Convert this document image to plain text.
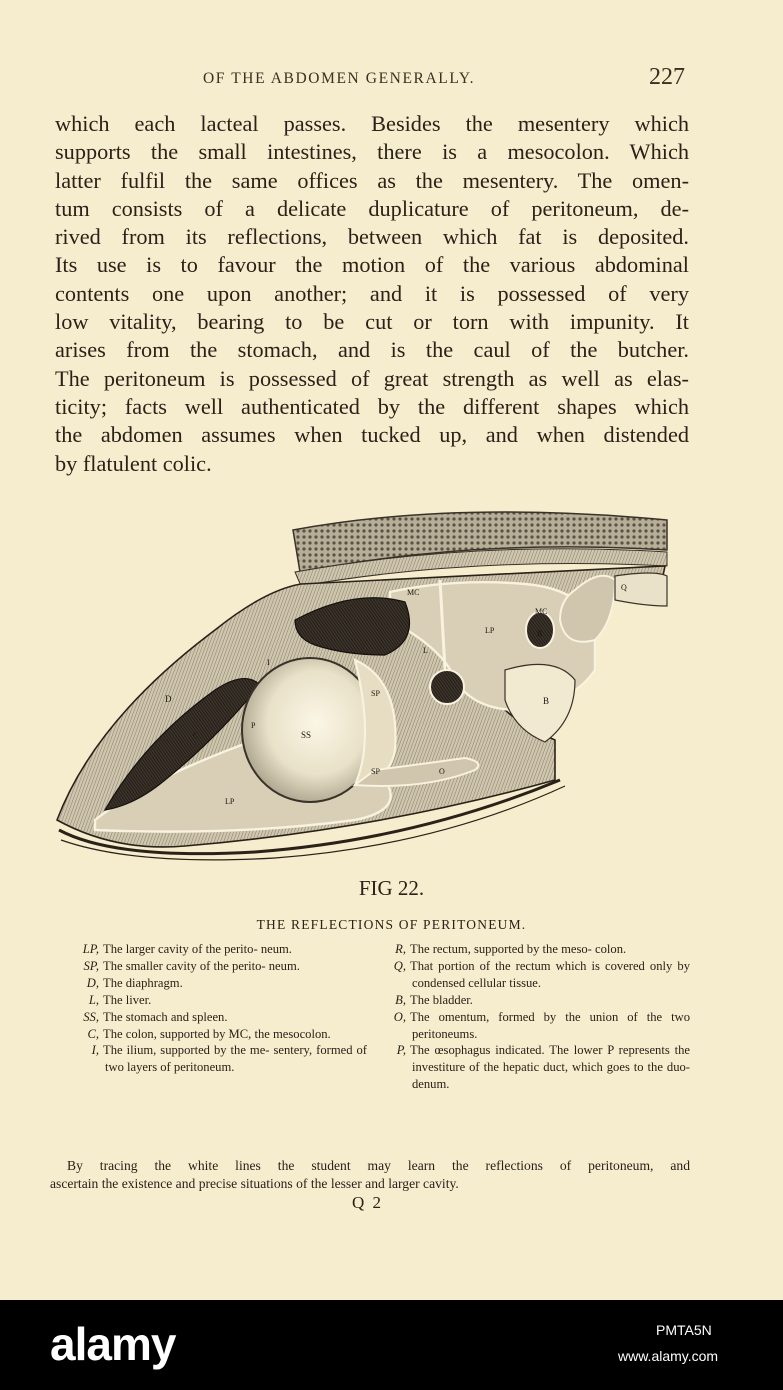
OF THE ABDOMEN GENERALLY.	227
which each lacteal passes. Besides the mesentery which
supports the small intestines, there is a mesocolon. Which
latter fulfil the same offices as the mesentery. The omen-
tum consists of a delicate duplicature of peritoneum, de-
rived from its reflections, between which fat is deposited.
Its use is to favour the motion of the various abdominal
contents one upon another; and it is possessed of very
low vitality, bearing to be cut or torn with impunity. It
arises from the stomach, and is the caul of the butcher.
The peritoneum is possessed of great strength as well as elas-
ticity; facts well authenticated by the different shapes which
the abdomen assumes when tucked up, and when distended
by flatulent colic.
MC
MC
Q
LP
LP
L
D
I
R
B
SS
SP
SP
C
P
O
FIG 22.
THE REFLECTIONS OF PERITONEUM.

LP, The larger cavity of the perito- neum.

SP, The smaller cavity of the perito- neum.

D, The diaphragm.

L, The liver.

SS, The stomach and spleen.

C, The colon, supported by MC, the mesocolon.

I, The ilium, supported by the me- sentery, formed of two layers of peritoneum.

R, The rectum, supported by the meso- colon.

Q, That portion of the rectum which is covered only by condensed cellular tissue.

B, The bladder.

O, The omentum, formed by the union of the two peritoneums.

P, The œsophagus indicated. The lower P represents the investiture of the hepatic duct, which goes to the duo- denum.

By tracing the white lines the student may learn the reflections of peritoneum, and
ascertain the existence and precise situations of the lesser and larger cavity.
Q 2
alamy	PMTA5N
www.alamy.com
